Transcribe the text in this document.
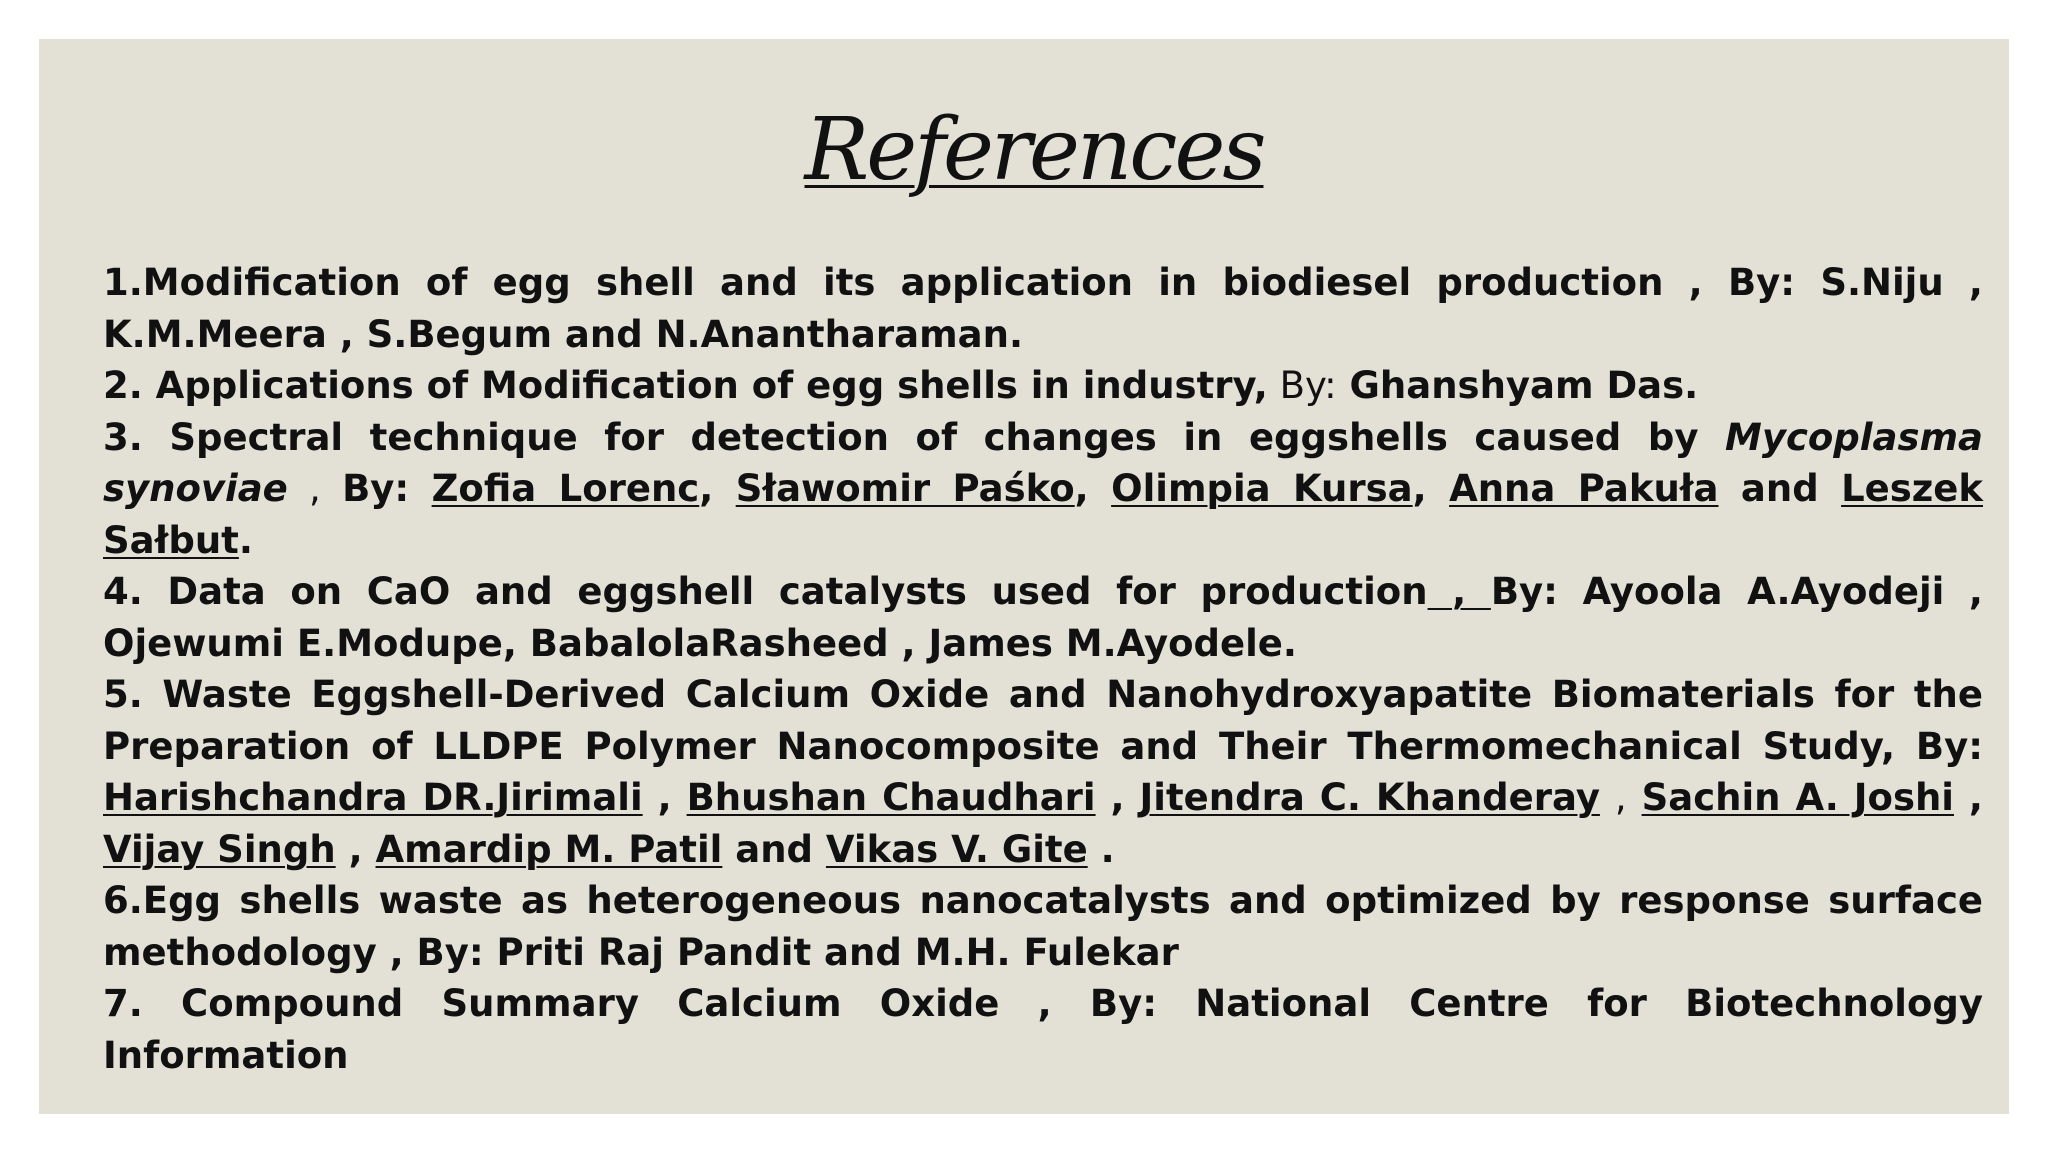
References

1.Modification of egg shell and its application in biodiesel production , By: S.Niju , K.M.Meera , S.Begum and N.Anantharaman.

2. Applications of Modification of egg shells in industry, By: Ghanshyam Das.

3. Spectral technique for detection of changes in eggshells caused by Mycoplasma synoviae , By: Zofia Lorenc, Sławomir Paśko, Olimpia Kursa, Anna Pakuła and Leszek Sałbut.

4. Data on CaO and eggshell catalysts used for production , By: Ayoola A.Ayodeji , Ojewumi E.Modupe, BabalolaRasheed , James M.Ayodele.

5. Waste Eggshell-Derived Calcium Oxide and Nanohydroxyapatite Biomaterials for the Preparation of LLDPE Polymer Nanocomposite and Their Thermomechanical Study, By: Harishchandra DR.Jirimali , Bhushan Chaudhari , Jitendra C. Khanderay , Sachin A. Joshi , Vijay Singh , Amardip M. Patil and Vikas V. Gite .

6.Egg shells waste as heterogeneous nanocatalysts and optimized by response surface methodology , By: Priti Raj Pandit and M.H. Fulekar

7. Compound Summary Calcium Oxide , By: National Centre for Biotechnology Information
